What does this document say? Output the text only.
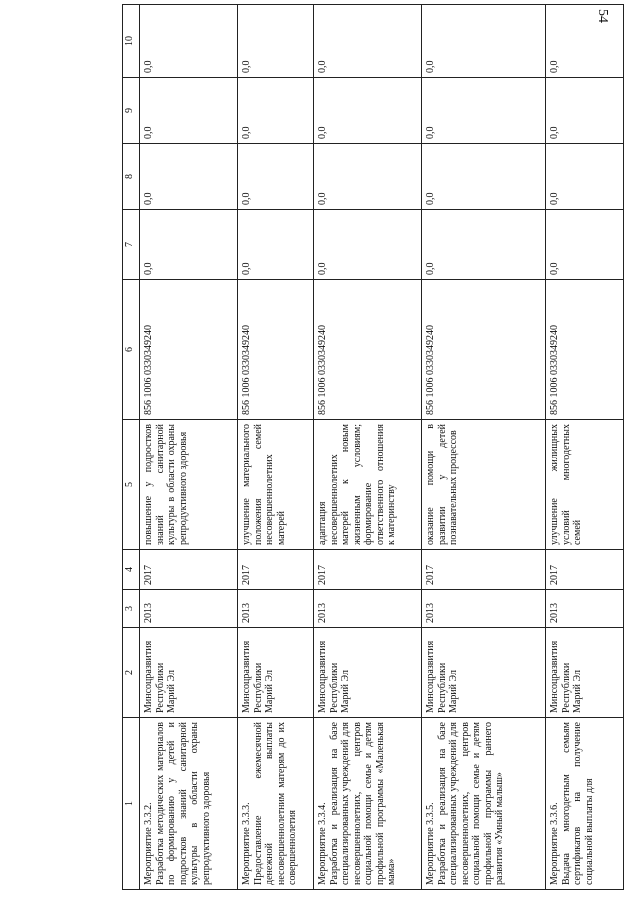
54
1	2	3	4	5	6	7	8	9	10
Мероприятие 3.3.2.
Разработка методических материалов по формированию у детей и подростков знаний санитарной культуры в области охраны репродуктивного здоровья	Минсоцразвития Республики Марий Эл	2013	2017	повышение у подростков знаний санитарной культуры в области охраны репродуктивного здоровья	856 1006 0330349240	0,0	0,0	0,0	0,0
Мероприятие 3.3.3.
Предоставление ежемесячной денежной выплаты несовершеннолетним матерям до их совершеннолетия	Минсоцразвития Республики Марий Эл	2013	2017	улучшение материального положения семей несовершеннолетних матерей	856 1006 0330349240	0,0	0,0	0,0	0,0
Мероприятие 3.3.4.
Разработка и реализация на базе специализированных учреждений для несовершеннолетних, центров социальной помощи семье и детям профильной программы «Маленькая мама»	Минсоцразвития Республики Марий Эл	2013	2017	адаптация несовершеннолетних матерей к новым жизненным условиям; формирование ответственного отношения к материнству	856 1006 0330349240	0,0	0,0	0,0	0,0
Мероприятие 3.3.5.
Разработка и реализация на базе специализированных учреждений для несовершеннолетних, центров социальной помощи семье и детям профильной программы раннего развития «Умный малыш»	Минсоцразвития Республики Марий Эл	2013	2017	оказание помощи в развитии у детей познавательных процессов	856 1006 0330349240	0,0	0,0	0,0	0,0
Мероприятие 3.3.6.
Выдача многодетным семьям сертификатов на получение социальной выплаты для	Минсоцразвития Республики Марий Эл	2013	2017	улучшение жилищных условий многодетных семей	856 1006 0330349240	0,0	0,0	0,0	0,0
